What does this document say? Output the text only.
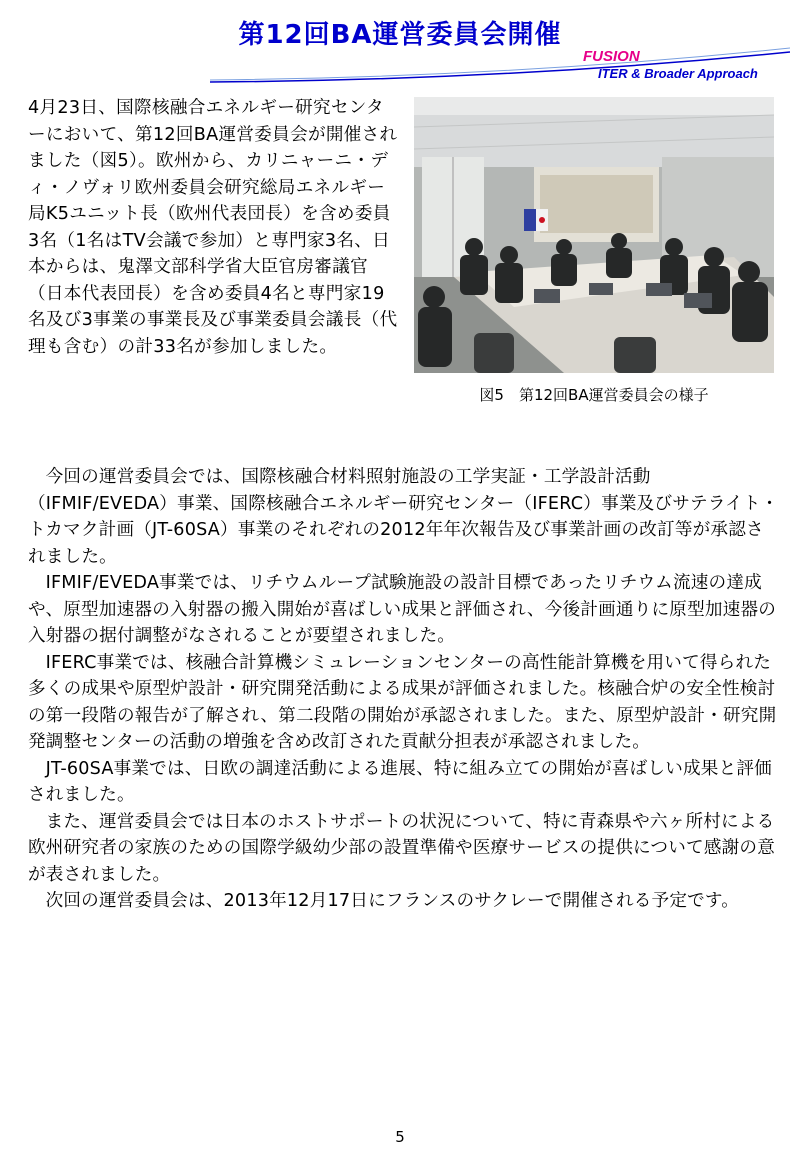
第12回BA運営委員会開催
FUSION
ITER & Broader Approach

4月23日、国際核融合エネルギー研究センターにおいて、第12回BA運営委員会が開催されました（図5）。欧州から、カリニャーニ・ディ・ノヴォリ欧州委員会研究総局エネルギー局K5ユニット長（欧州代表団長）を含め委員3名（1名はTV会議で参加）と専門家3名、日本からは、鬼澤文部科学省大臣官房審議官（日本代表団長）を含め委員4名と専門家19名及び3事業の事業長及び事業委員会議長（代理も含む）の計33名が参加しました。

図5　第12回BA運営委員会の様子

今回の運営委員会では、国際核融合材料照射施設の工学実証・工学設計活動（IFMIF/EVEDA）事業、国際核融合エネルギー研究センター（IFERC）事業及びサテライト・トカマク計画（JT-60SA）事業のそれぞれの2012年年次報告及び事業計画の改訂等が承認されました。

IFMIF/EVEDA事業では、リチウムループ試験施設の設計目標であったリチウム流速の達成や、原型加速器の入射器の搬入開始が喜ばしい成果と評価され、今後計画通りに原型加速器の入射器の据付調整がなされることが要望されました。

IFERC事業では、核融合計算機シミュレーションセンターの高性能計算機を用いて得られた多くの成果や原型炉設計・研究開発活動による成果が評価されました。核融合炉の安全性検討の第一段階の報告が了解され、第二段階の開始が承認されました。また、原型炉設計・研究開発調整センターの活動の増強を含め改訂された貢献分担表が承認されました。

JT-60SA事業では、日欧の調達活動による進展、特に組み立ての開始が喜ばしい成果と評価されました。

また、運営委員会では日本のホストサポートの状況について、特に青森県や六ヶ所村による欧州研究者の家族のための国際学級幼少部の設置準備や医療サービスの提供について感謝の意が表されました。

次回の運営委員会は、2013年12月17日にフランスのサクレーで開催される予定です。

5
